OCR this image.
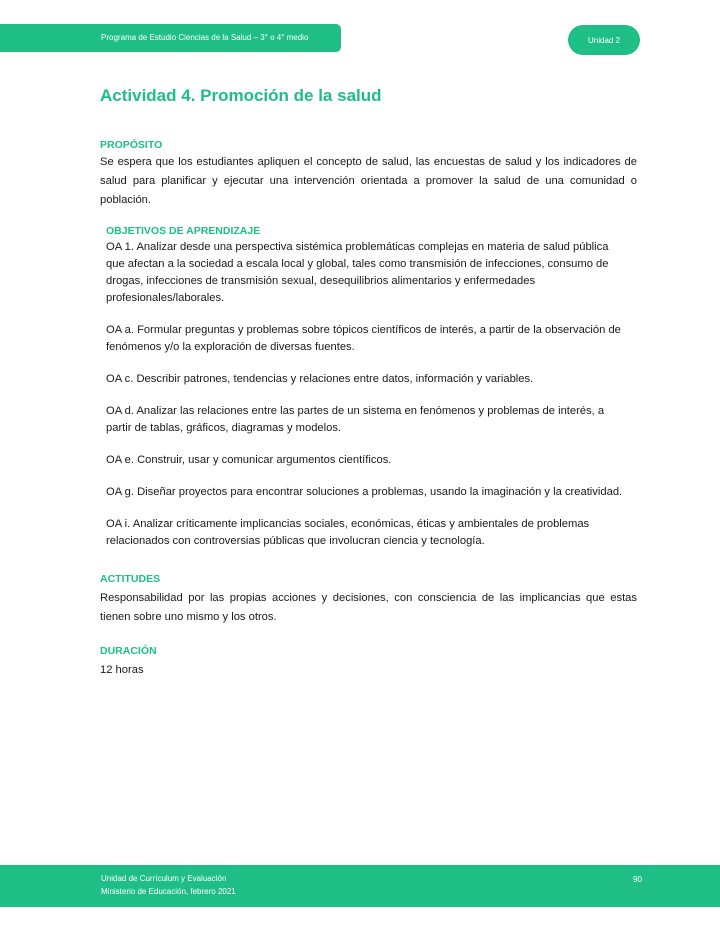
Programa de Estudio Ciencias de la Salud – 3° o 4° medio	Unidad 2
Actividad 4. Promoción de la salud
PROPÓSITO
Se espera que los estudiantes apliquen el concepto de salud, las encuestas de salud y los indicadores de salud para planificar y ejecutar una intervención orientada a promover la salud de una comunidad o población.
OBJETIVOS DE APRENDIZAJE

OA 1. Analizar desde una perspectiva sistémica problemáticas complejas en materia de salud pública que afectan a la sociedad a escala local y global, tales como transmisión de infecciones, consumo de drogas, infecciones de transmisión sexual, desequilibrios alimentarios y enfermedades profesionales/laborales.

OA a. Formular preguntas y problemas sobre tópicos científicos de interés, a partir de la observación de fenómenos y/o la exploración de diversas fuentes.

OA c. Describir patrones, tendencias y relaciones entre datos, información y variables.

OA d. Analizar las relaciones entre las partes de un sistema en fenómenos y problemas de interés, a partir de tablas, gráficos, diagramas y modelos.

OA e. Construir, usar y comunicar argumentos científicos.

OA g. Diseñar proyectos para encontrar soluciones a problemas, usando la imaginación y la creatividad.

OA i. Analizar críticamente implicancias sociales, económicas, éticas y ambientales de problemas relacionados con controversias públicas que involucran ciencia y tecnología.

ACTITUDES
Responsabilidad por las propias acciones y decisiones, con consciencia de las implicancias que estas tienen sobre uno mismo y los otros.
DURACIÓN
12 horas
Unidad de Currículum y Evaluación
Ministerio de Educación, febrero 2021
90
